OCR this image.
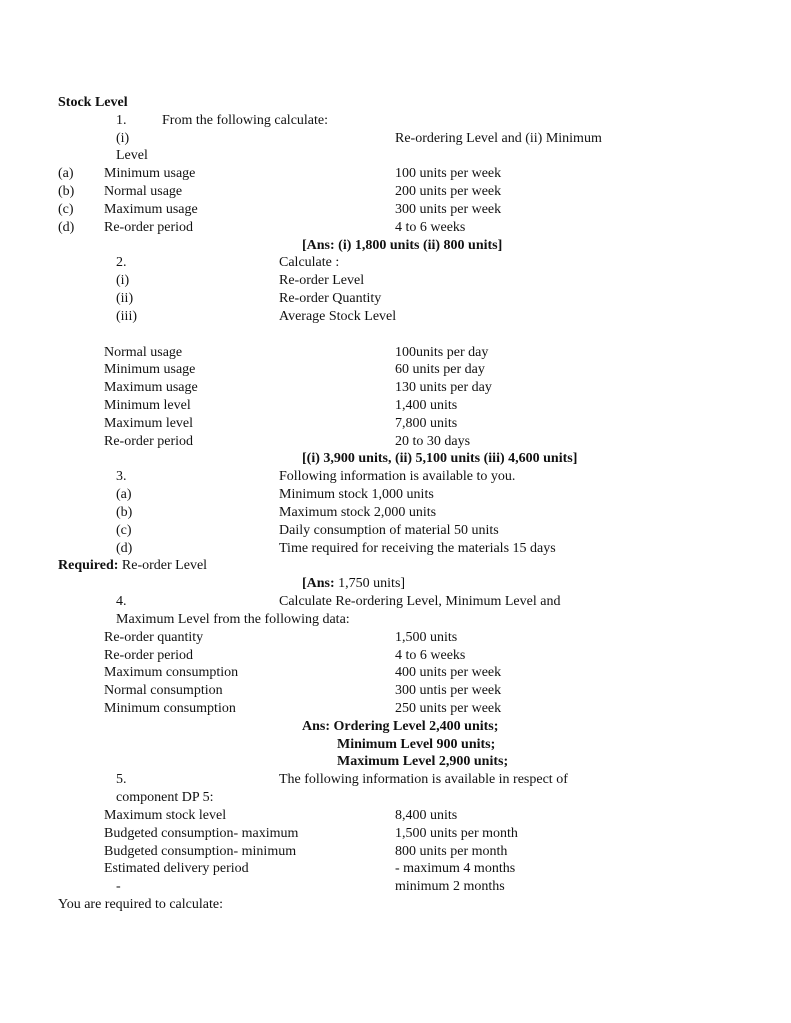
Stock Level
1.	From the following calculate:
(i)	Re-ordering Level and (ii) Minimum
Level
(a) Minimum usage	100 units per week
(b) Normal usage	200 units per week
(c) Maximum usage	300 units per week
(d) Re-order period	4 to 6 weeks
[Ans: (i) 1,800 units (ii) 800 units]
2.	Calculate :
(i)	Re-order Level
(ii)	Re-order Quantity
(iii)	Average Stock Level
Normal usage	100units per day
Minimum usage	60 units per day
Maximum usage	130 units per day
Minimum level	1,400 units
Maximum level	7,800 units
Re-order period	20 to 30 days
[(i) 3,900 units, (ii) 5,100 units (iii) 4,600 units]
3.	Following information is available to you.
(a)	Minimum stock 1,000 units
(b)	Maximum stock 2,000 units
(c)	Daily consumption of material 50 units
(d)	Time required for receiving the materials 15 days
Required: Re-order Level
[Ans: 1,750 units]
4.	Calculate Re-ordering Level, Minimum Level and
Maximum Level from the following data:
Re-order quantity	1,500 units
Re-order period	4 to 6 weeks
Maximum consumption	400 units per week
Normal consumption	300 untis per week
Minimum consumption	250 units per week
Ans: Ordering Level 2,400 units;
Minimum Level 900 units;
Maximum Level 2,900 units;
5.	The following information is available in respect of
component DP 5:
Maximum stock level	8,400 units
Budgeted consumption- maximum	1,500 units per month
Budgeted consumption- minimum	800 units per month
Estimated delivery period	- maximum 4 months
-	minimum 2 months
You are required to calculate:
